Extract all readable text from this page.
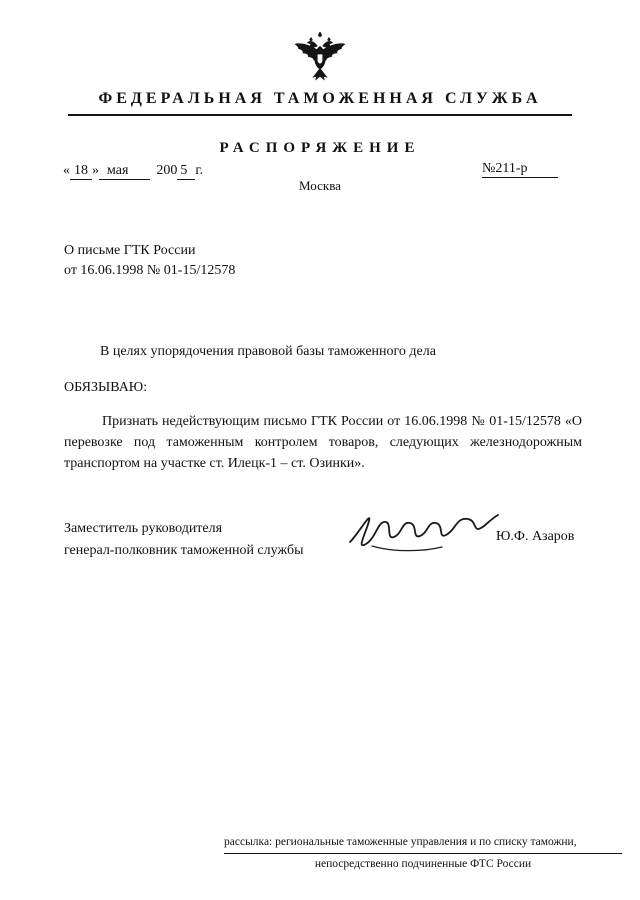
ФЕДЕРАЛЬНАЯ ТАМОЖЕННАЯ СЛУЖБА
РАСПОРЯЖЕНИЕ
« 18 » мая 200 5 г.	№211-р
Москва
О письме ГТК России
от 16.06.1998 № 01-15/12578
В целях упорядочения правовой базы таможенного дела
ОБЯЗЫВАЮ:
Признать недействующим письмо ГТК России от 16.06.1998 № 01-15/12578 «О перевозке под таможенным контролем товаров, следующих железнодорожным транспортом на участке ст. Илецк-1 – ст. Озинки».
Заместитель руководителя
генерал-полковник таможенной службы
Ю.Ф. Азаров
рассылка: региональные таможенные управления и по списку таможни,
непосредственно подчиненные ФТС России
